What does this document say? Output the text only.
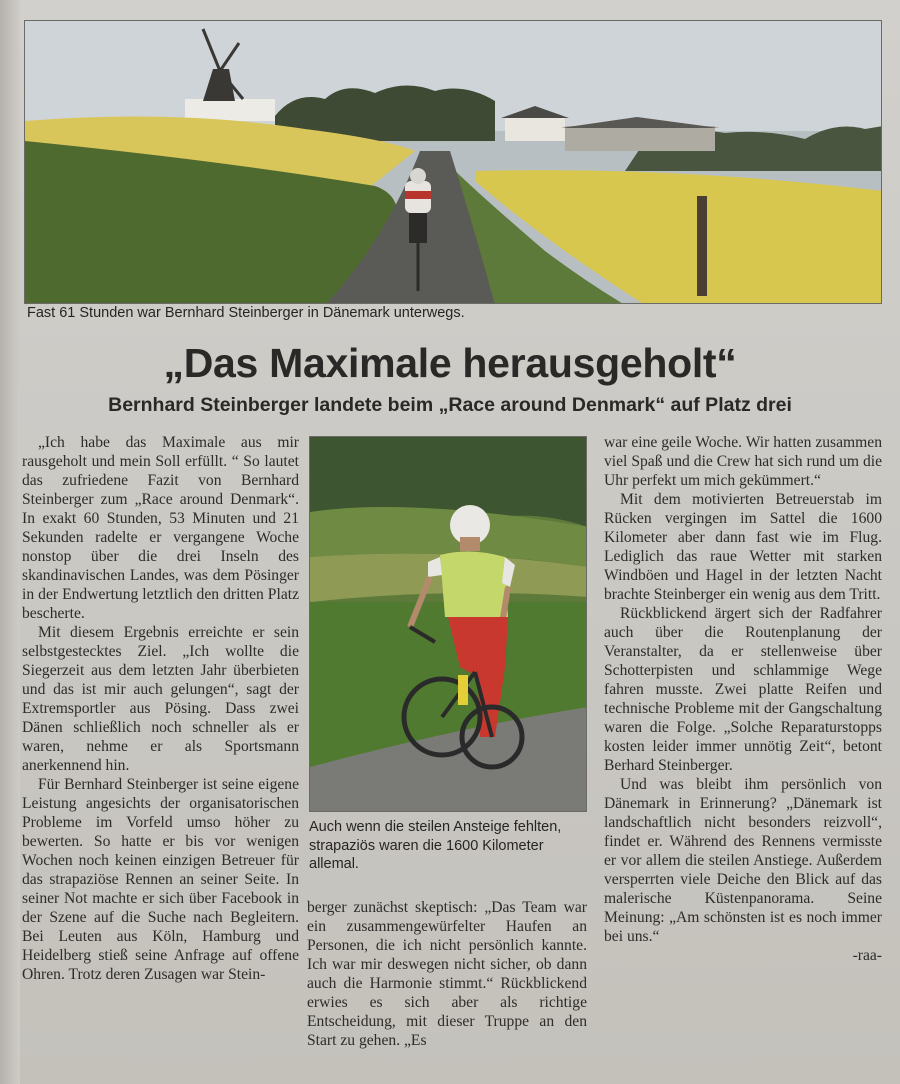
Fast 61 Stunden war Bernhard Steinberger in Dänemark unterwegs.
„Das Maximale herausgeholt“
Bernhard Steinberger landete beim „Race around Denmark“ auf Platz drei

„Ich habe das Maximale aus mir rausgeholt und mein Soll erfüllt. “ So lautet das zufriedene Fazit von Bernhard Steinberger zum „Race around Denmark“. In exakt 60 Stunden, 53 Minuten und 21 Sekunden radelte er vergangene Woche nonstop über die drei Inseln des skandinavischen Landes, was dem Pösinger in der Endwertung letztlich den dritten Platz bescherte.

Mit diesem Ergebnis erreichte er sein selbstgestecktes Ziel. „Ich wollte die Siegerzeit aus dem letzten Jahr überbieten und das ist mir auch gelungen“, sagt der Extremsportler aus Pösing. Dass zwei Dänen schließlich noch schneller als er waren, nehme er als Sportsmann anerkennend hin.

Für Bernhard Steinberger ist seine eigene Leistung angesichts der organisatorischen Probleme im Vorfeld umso höher zu bewerten. So hatte er bis vor wenigen Wochen noch keinen einzigen Betreuer für das strapaziöse Rennen an seiner Seite. In seiner Not machte er sich über Facebook in der Szene auf die Suche nach Begleitern. Bei Leuten aus Köln, Hamburg und Heidelberg stieß seine Anfrage auf offene Ohren. Trotz deren Zusagen war Stein-

Auch wenn die steilen Ansteige fehlten, strapaziös waren die 1600 Kilometer allemal.

berger zunächst skeptisch: „Das Team war ein zusammengewürfelter Haufen an Personen, die ich nicht persönlich kannte. Ich war mir deswegen nicht sicher, ob dann auch die Harmonie stimmt.“ Rückblickend erwies es sich aber als richtige Entscheidung, mit dieser Truppe an den Start zu gehen. „Es

war eine geile Woche. Wir hatten zusammen viel Spaß und die Crew hat sich rund um die Uhr perfekt um mich gekümmert.“

Mit dem motivierten Betreuerstab im Rücken vergingen im Sattel die 1600 Kilometer aber dann fast wie im Flug. Lediglich das raue Wetter mit starken Windböen und Hagel in der letzten Nacht brachte Steinberger ein wenig aus dem Tritt.

Rückblickend ärgert sich der Radfahrer auch über die Routenplanung der Veranstalter, da er stellenweise über Schotterpisten und schlammige Wege fahren musste. Zwei platte Reifen und technische Probleme mit der Gangschaltung waren die Folge. „Solche Reparaturstopps kosten leider immer unnötig Zeit“, betont Berhard Steinberger.

Und was bleibt ihm persönlich von Dänemark in Erinnerung? „Dänemark ist landschaftlich nicht besonders reizvoll“, findet er. Während des Rennens vermisste er vor allem die steilen Anstiege. Außerdem versperrten viele Deiche den Blick auf das malerische Küstenpanorama. Seine Meinung: „Am schönsten ist es noch immer bei uns.“

-raa-
